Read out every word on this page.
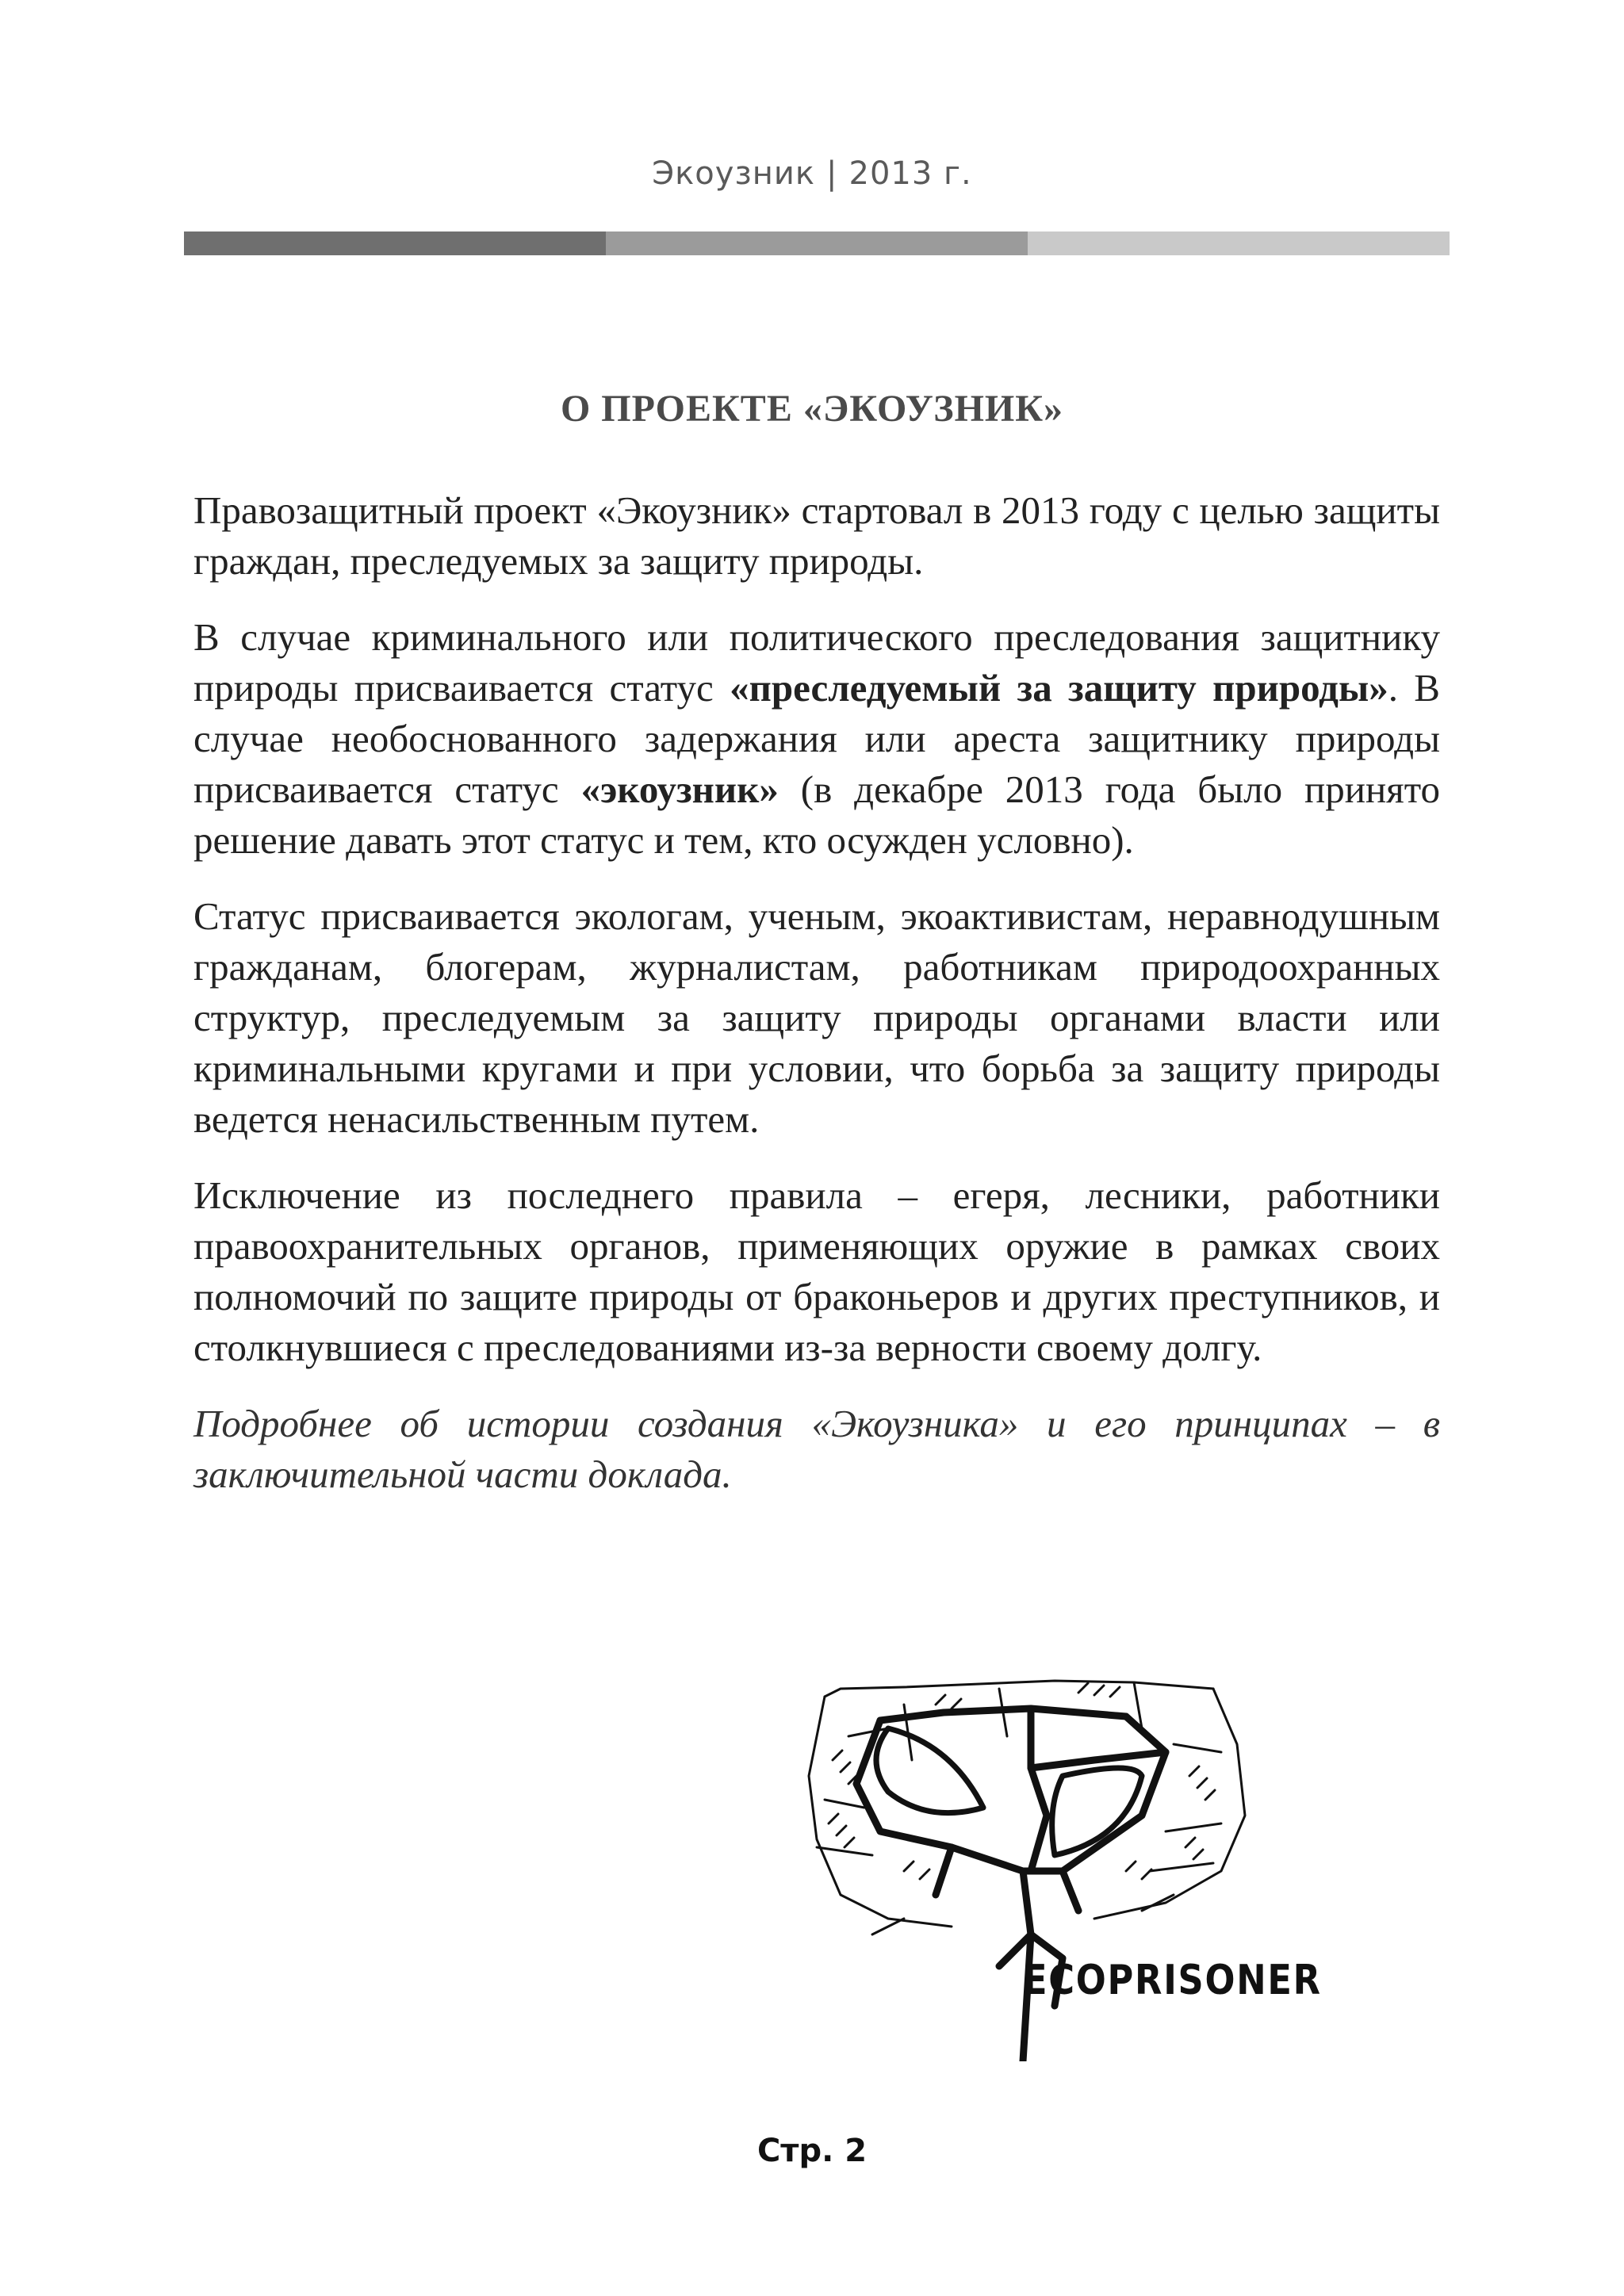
Экоузник | 2013 г.
О ПРОЕКТЕ «ЭКОУЗНИК»

Правозащитный проект «Экоузник» стартовал в 2013 году с целью защиты граждан, преследуемых за защиту природы.

В случае криминального или политического преследования защитнику природы присваивается статус «преследуемый за защиту природы». В случае необоснованного задержания или ареста защитнику природы присваивается статус «экоузник» (в декабре 2013 года было принято решение давать этот статус и тем, кто осужден условно).

Статус присваивается экологам, ученым, экоактивистам, неравнодушным гражданам, блогерам, журналистам, работникам природоохранных структур, преследуемым за защиту природы органами власти или криминальными кругами и при условии, что борьба за защиту природы ведется ненасильственным путем.

Исключение из последнего правила – егеря, лесники, работники правоохранительных органов, применяющих оружие в рамках своих полномочий по защите природы от браконьеров и других преступников, и столкнувшиеся с преследованиями из-за верности своему долгу.

Подробнее об истории создания «Экоузника» и его принципах – в заключительной части доклада.

ECOPRISONER
Стр. 2
